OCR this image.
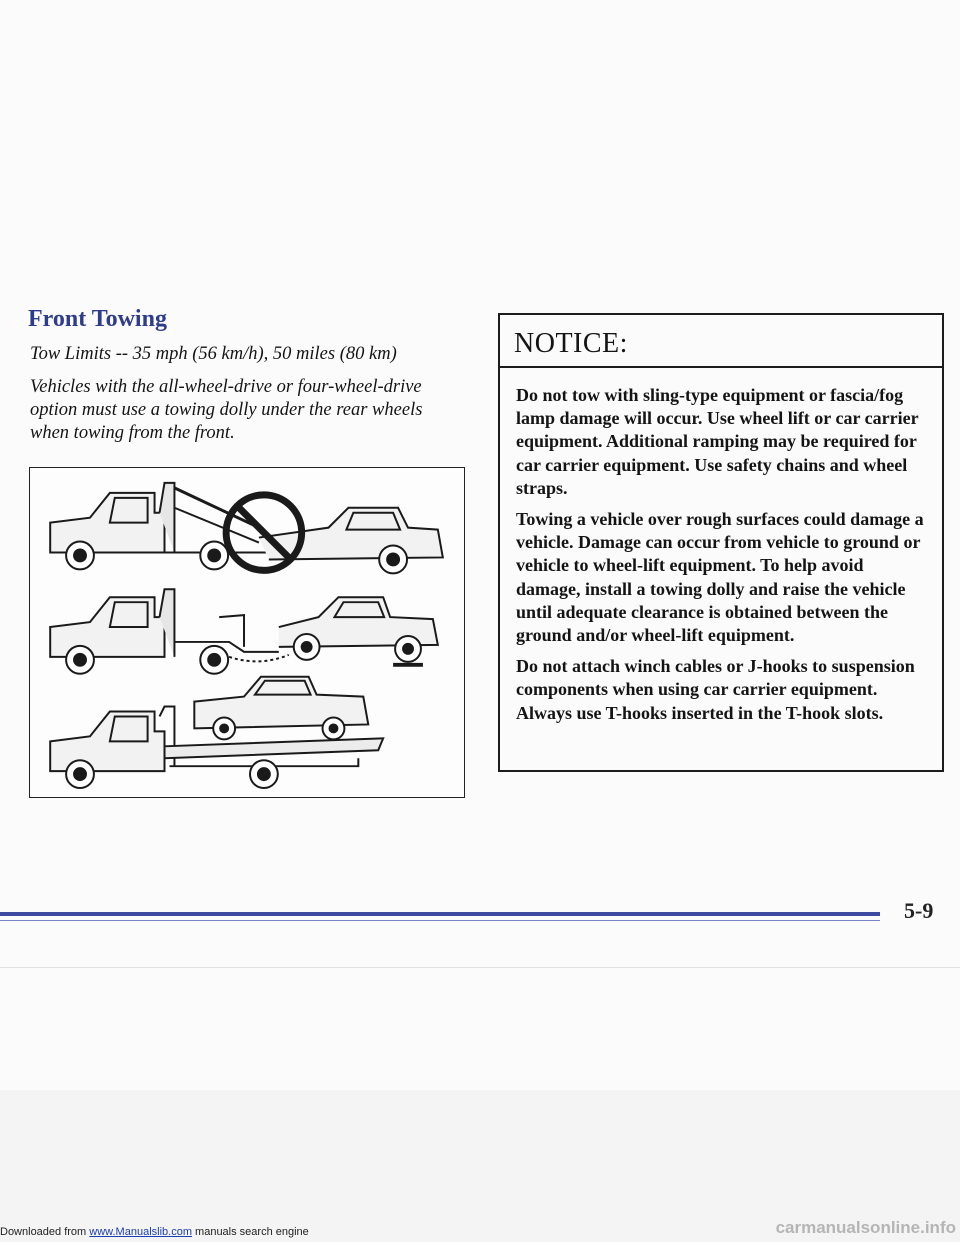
Front Towing

Tow Limits -- 35 mph (56 km/h), 50 miles (80 km)

Vehicles with the all-wheel-drive or four-wheel-drive option must use a towing dolly under the rear wheels when towing from the front.

NOTICE:

Do not tow with sling-type equipment or fascia/fog lamp damage will occur. Use wheel lift or car carrier equipment. Additional ramping may be required for car carrier equipment. Use safety chains and wheel straps.

Towing a vehicle over rough surfaces could damage a vehicle. Damage can occur from vehicle to ground or vehicle to wheel-lift equipment. To help avoid damage, install a towing dolly and raise the vehicle until adequate clearance is obtained between the ground and/or wheel-lift equipment.

Do not attach winch cables or J-hooks to suspension components when using car carrier equipment. Always use T-hooks inserted in the T-hook slots.

5-9
Downloaded from www.Manualslib.com manuals search engine	carmanualsonline.info
